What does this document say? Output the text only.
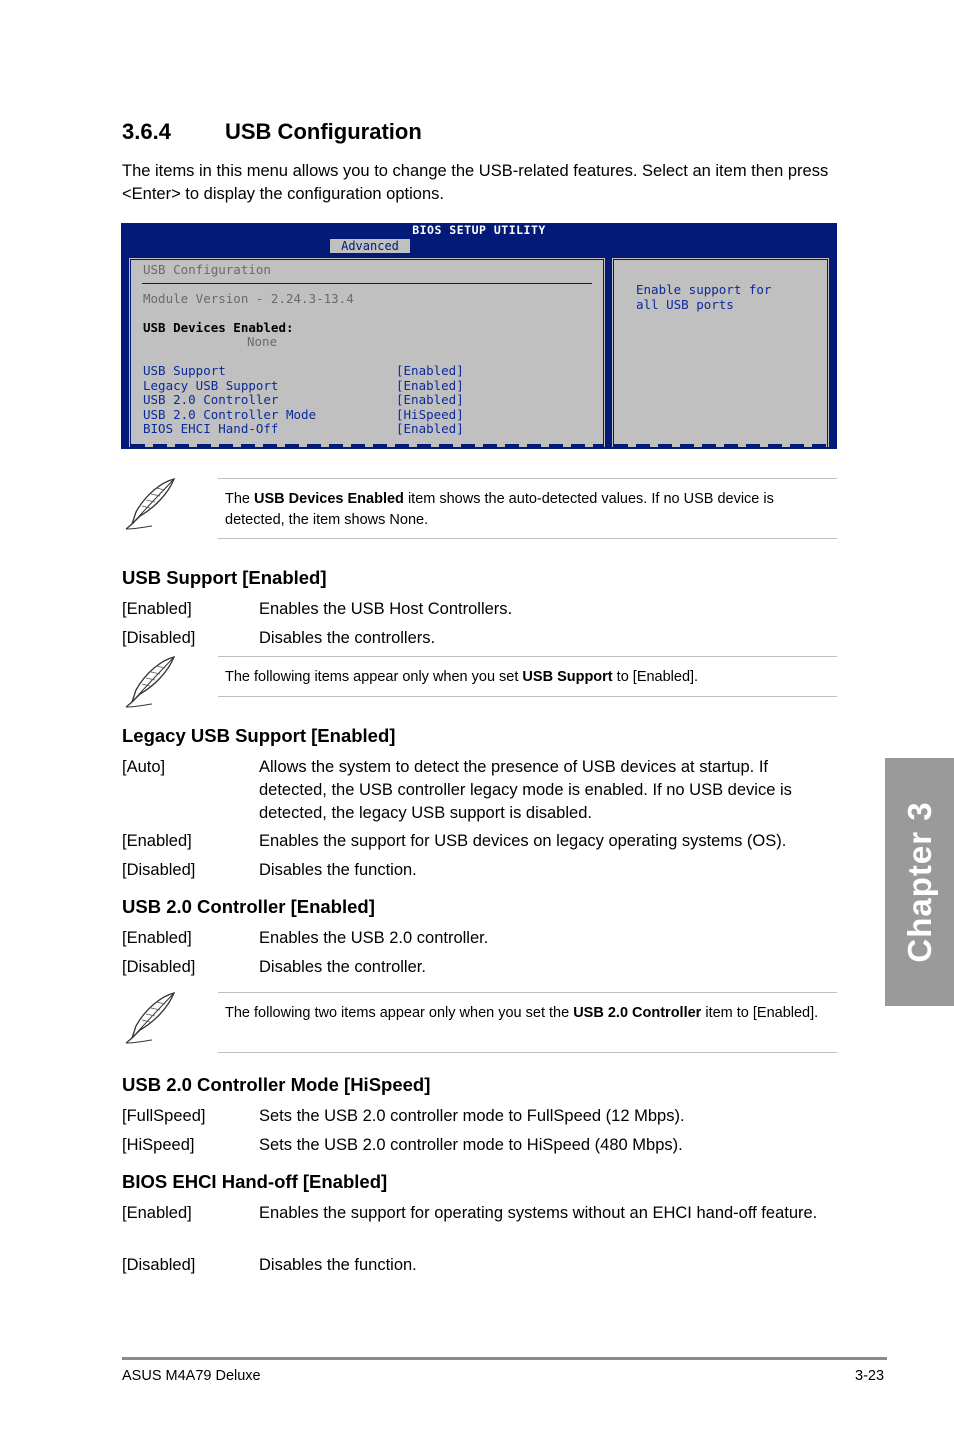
3.6.4 USB Configuration

The items in this menu allows you to change the USB-related features. Select an item then press <Enter> to display the configuration options.

BIOS SETUP UTILITY
Advanced
USB Configuration
Module Version - 2.24.3-13.4
USB Devices Enabled:
None
USB Support	[Enabled]
Legacy USB Support	[Enabled]
USB 2.0 Controller	[Enabled]
USB 2.0 Controller Mode	[HiSpeed]
BIOS EHCI Hand-Off	[Enabled]
Enable support for
all USB ports
The USB Devices Enabled item shows the auto-detected values. If no USB device is detected, the item shows None.
USB Support [Enabled]
[Enabled]	Enables the USB Host Controllers.
[Disabled]	Disables the controllers.
The following items appear only when you set USB Support to [Enabled].
Legacy USB Support [Enabled]
[Auto]	Allows the system to detect the presence of USB devices at startup. If detected, the USB controller legacy mode is enabled. If no USB device is detected, the legacy USB support is disabled.
[Enabled]	Enables the support for USB devices on legacy operating systems (OS).
[Disabled]	Disables the function.
USB 2.0 Controller [Enabled]
[Enabled]	Enables the USB 2.0 controller.
[Disabled]	Disables the controller.
The following two items appear only when you set the USB 2.0 Controller item to [Enabled].
USB 2.0 Controller Mode [HiSpeed]
[FullSpeed]	Sets the USB 2.0 controller mode to FullSpeed (12 Mbps).
[HiSpeed]	Sets the USB 2.0 controller mode to HiSpeed (480 Mbps).
BIOS EHCI Hand-off [Enabled]
[Enabled]	Enables the support for operating systems without an EHCI hand-off feature.
[Disabled]	Disables the function.
Chapter 3
ASUS M4A79 Deluxe	3-23
